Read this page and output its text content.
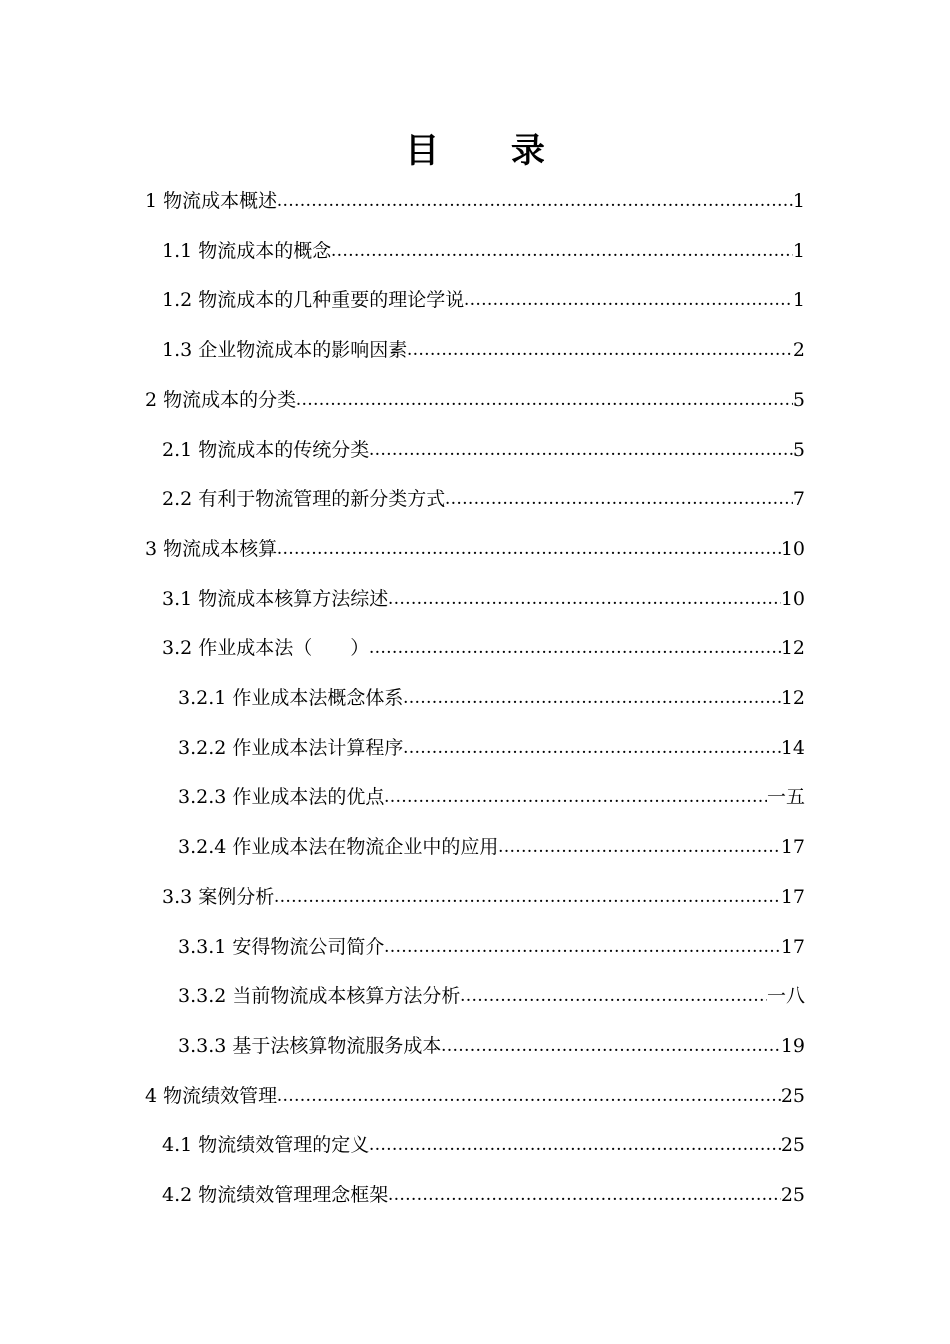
目 录
1 物流成本概述 .....	1
1.1 物流成本的概念 .....	1
1.2 物流成本的几种重要的理论学说 .....	1
1.3 企业物流成本的影响因素 .....	2
2 物流成本的分类 .....	5
2.1 物流成本的传统分类 .....	5
2.2 有利于物流管理的新分类方式 .....	7
3 物流成本核算 .....	10
3.1 物流成本核算方法综述 .....	10
3.2 作业成本法（　　） .....	12
3.2.1 作业成本法概念体系 .....	12
3.2.2 作业成本法计算程序 .....	14
3.2.3 作业成本法的优点 .....	一五
3.2.4 作业成本法在物流企业中的应用 .....	17
3.3 案例分析 .....	17
3.3.1 安得物流公司简介 .....	17
3.3.2 当前物流成本核算方法分析 .....	一八
3.3.3 基于法核算物流服务成本 .....	19
4 物流绩效管理 .....	25
4.1 物流绩效管理的定义 .....	25
4.2 物流绩效管理理念框架 .....	25
